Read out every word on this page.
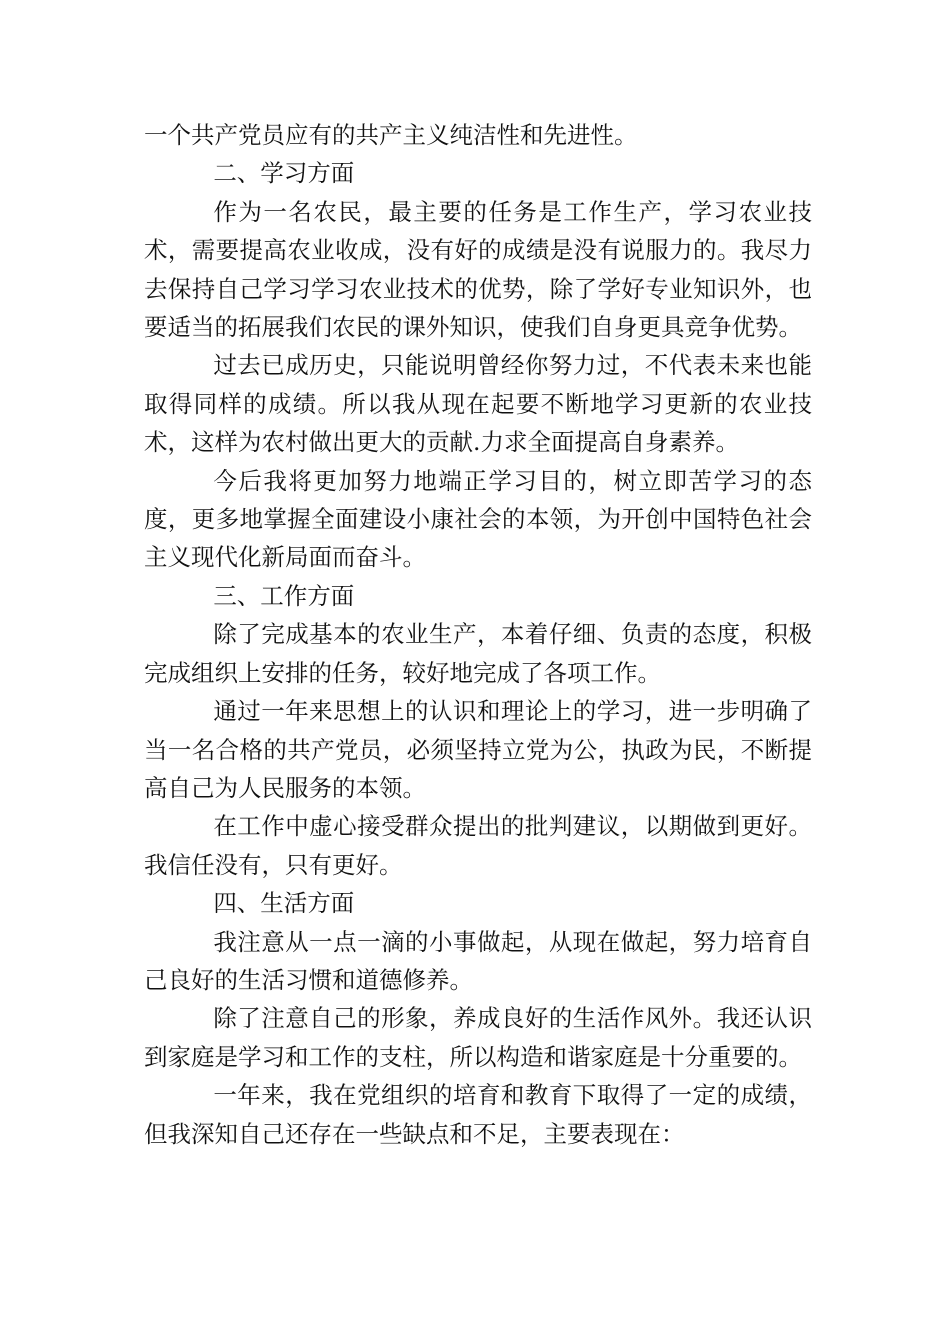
一个共产党员应有的共产主义纯洁性和先进性。

二、学习方面

作为一名农民，最主要的任务是工作生产，学习农业技术，需要提高农业收成，没有好的成绩是没有说服力的。我尽力去保持自己学习学习农业技术的优势，除了学好专业知识外，也要适当的拓展我们农民的课外知识，使我们自身更具竞争优势。

过去已成历史，只能说明曾经你努力过，不代表未来也能取得同样的成绩。所以我从现在起要不断地学习更新的农业技术，这样为农村做出更大的贡献.力求全面提高自身素养。

今后我将更加努力地端正学习目的，树立即苦学习的态度，更多地掌握全面建设小康社会的本领，为开创中国特色社会主义现代化新局面而奋斗。

三、工作方面

除了完成基本的农业生产，本着仔细、负责的态度，积极完成组织上安排的任务，较好地完成了各项工作。

通过一年来思想上的认识和理论上的学习，进一步明确了当一名合格的共产党员，必须坚持立党为公，执政为民，不断提高自己为人民服务的本领。

在工作中虚心接受群众提出的批判建议，以期做到更好。我信任没有，只有更好。

四、生活方面

我注意从一点一滴的小事做起，从现在做起，努力培育自己良好的生活习惯和道德修养。

除了注意自己的形象，养成良好的生活作风外。我还认识到家庭是学习和工作的支柱，所以构造和谐家庭是十分重要的。

一年来，我在党组织的培育和教育下取得了一定的成绩，但我深知自己还存在一些缺点和不足，主要表现在：
